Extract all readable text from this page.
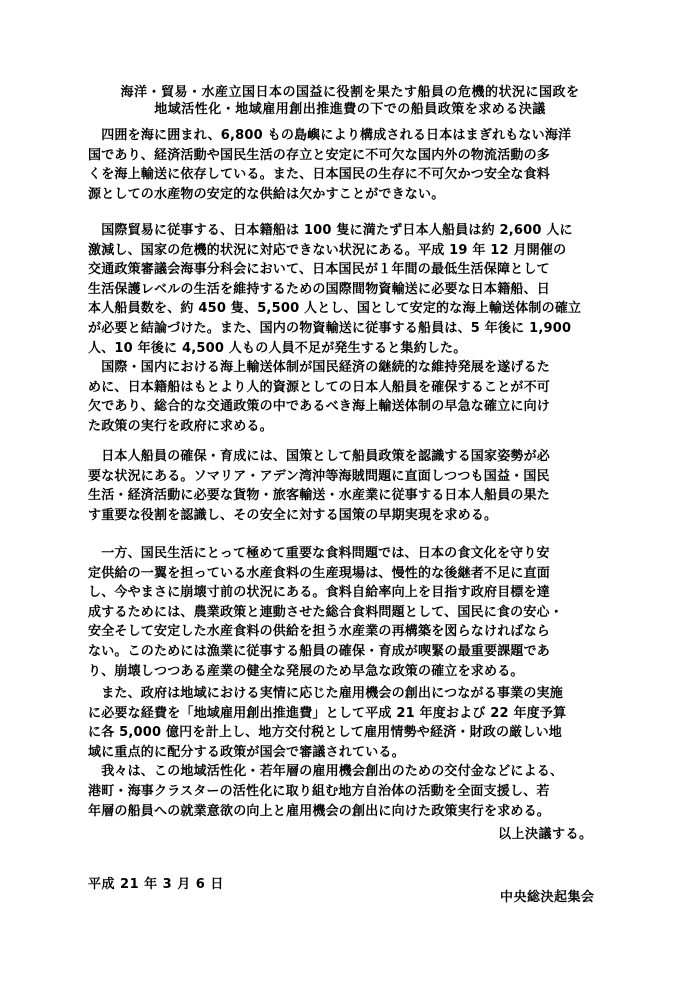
海洋・貿易・水産立国日本の国益に役割を果たす船員の危機的状況に国政を
地域活性化・地域雇用創出推進費の下での船員政策を求める決議
　四囲を海に囲まれ、6,800 もの島嶼により構成される日本はまぎれもない海洋
国であり、経済活動や国民生活の存立と安定に不可欠な国内外の物流活動の多
くを海上輸送に依存している。また、日本国民の生存に不可欠かつ安全な食料
源としての水産物の安定的な供給は欠かすことができない。
　国際貿易に従事する、日本籍船は 100 隻に満たず日本人船員は約 2,600 人に
激減し、国家の危機的状況に対応できない状況にある。平成 19 年 12 月開催の
交通政策審議会海事分科会において、日本国民が１年間の最低生活保障として
生活保護レベルの生活を維持するための国際間物資輸送に必要な日本籍船、日
本人船員数を、約 450 隻、5,500 人とし、国として安定的な海上輸送体制の確立
が必要と結論づけた。また、国内の物資輸送に従事する船員は、5 年後に 1,900
人、10 年後に 4,500 人もの人員不足が発生すると集約した。
　国際・国内における海上輸送体制が国民経済の継続的な維持発展を遂げるた
めに、日本籍船はもとより人的資源としての日本人船員を確保することが不可
欠であり、総合的な交通政策の中であるべき海上輸送体制の早急な確立に向け
た政策の実行を政府に求める。
　日本人船員の確保・育成には、国策として船員政策を認識する国家姿勢が必
要な状況にある。ソマリア・アデン湾沖等海賊問題に直面しつつも国益・国民
生活・経済活動に必要な貨物・旅客輸送・水産業に従事する日本人船員の果た
す重要な役割を認識し、その安全に対する国策の早期実現を求める。
　一方、国民生活にとって極めて重要な食料問題では、日本の食文化を守り安
定供給の一翼を担っている水産食料の生産現場は、慢性的な後継者不足に直面
し、今やまさに崩壊寸前の状況にある。食料自給率向上を目指す政府目標を達
成するためには、農業政策と連動させた総合食料問題として、国民に食の安心・
安全そして安定した水産食料の供給を担う水産業の再構築を図らなければなら
ない。このためには漁業に従事する船員の確保・育成が喫緊の最重要課題であ
り、崩壊しつつある産業の健全な発展のため早急な政策の確立を求める。
　また、政府は地域における実情に応じた雇用機会の創出につながる事業の実施
に必要な経費を「地域雇用創出推進費」として平成 21 年度および 22 年度予算
に各 5,000 億円を計上し、地方交付税として雇用情勢や経済・財政の厳しい地
域に重点的に配分する政策が国会で審議されている。
　我々は、この地域活性化・若年層の雇用機会創出のための交付金などによる、
港町・海事クラスターの活性化に取り組む地方自治体の活動を全面支援し、若
年層の船員への就業意欲の向上と雇用機会の創出に向けた政策実行を求める。
以上決議する。
平成 21 年 3 月 6 日
中央総決起集会
